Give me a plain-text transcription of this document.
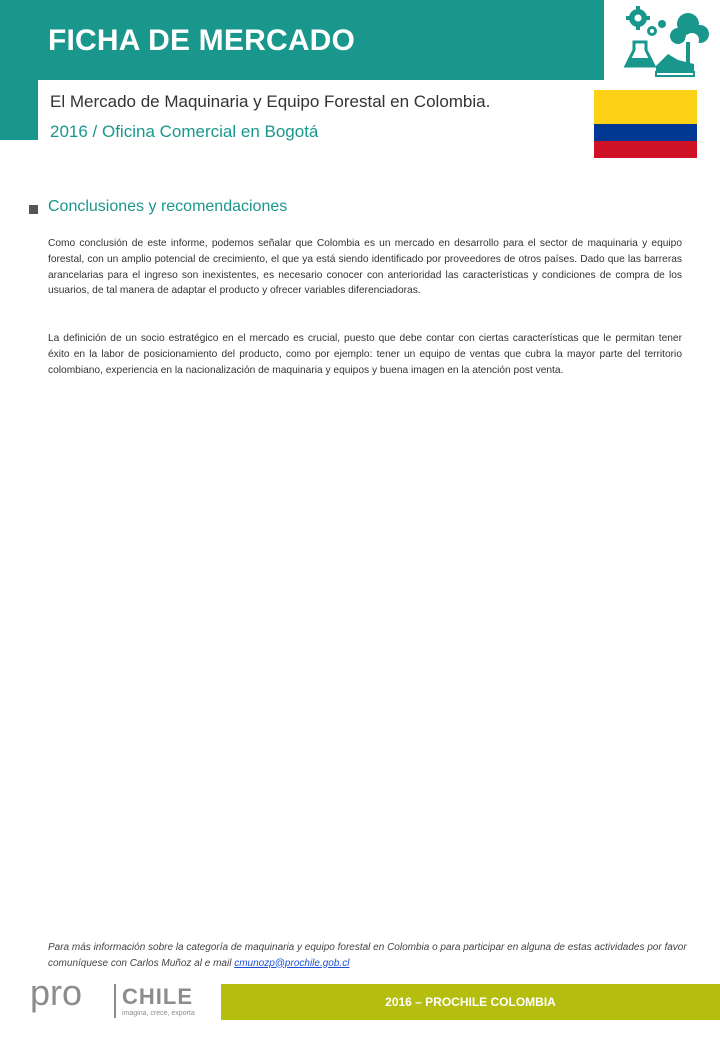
FICHA DE MERCADO
El Mercado de Maquinaria y Equipo Forestal en Colombia.
2016 / Oficina Comercial en Bogotá
Conclusiones y recomendaciones

Como conclusión de este informe, podemos señalar que Colombia es un mercado en desarrollo para el sector de maquinaria y equipo forestal, con un amplio potencial de crecimiento, el que ya está siendo identificado por proveedores de otros países. Dado que las barreras arancelarias para el ingreso son inexistentes, es necesario conocer con anterioridad las características y condiciones de compra de los usuarios, de tal manera de adaptar el producto y ofrecer variables diferenciadoras.

La definición de un socio estratégico en el mercado es crucial, puesto que debe contar con ciertas características que le permitan tener éxito en la labor de posicionamiento del producto, como por ejemplo: tener un equipo de ventas que cubra la mayor parte del territorio colombiano, experiencia en la nacionalización de maquinaria y equipos y buena imagen en la atención post venta.

Para más información sobre la categoría de maquinaria y equipo forestal en Colombia o para participar en alguna de estas actividades por favor comuníquese con Carlos Muñoz al e mail cmunozp@prochile.gob.cl
pro CHILE
imagina, crece, exporta
2016 – PROCHILE COLOMBIA
